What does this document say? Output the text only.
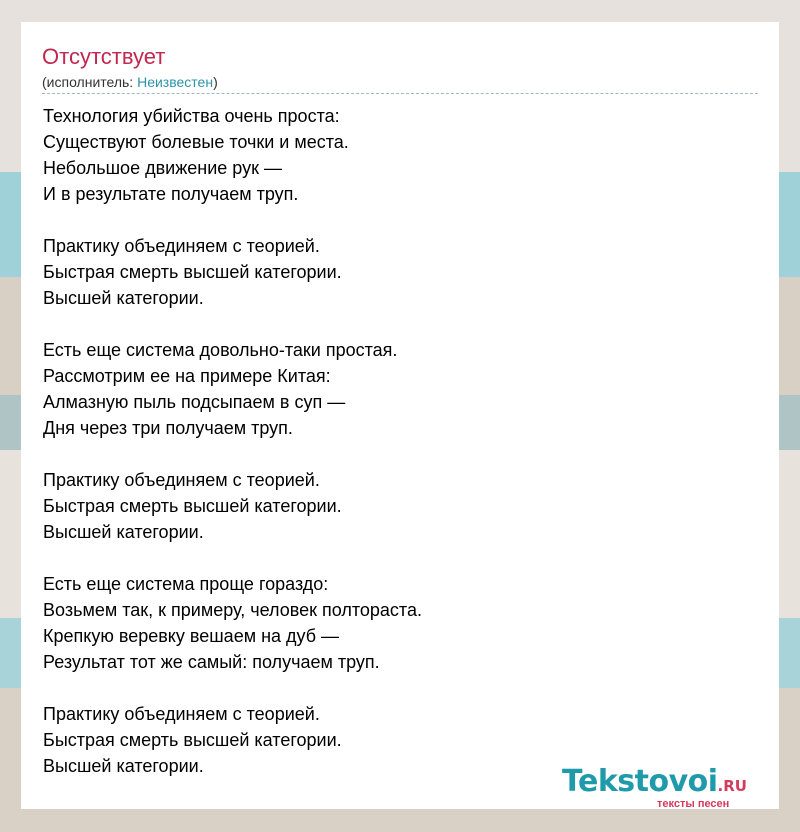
Отсутствует
(исполнитель: Неизвестен)
Технология убийства очень проста:
Существуют болевые точки и места.
Небольшое движение рук —
И в результате получаем труп.
Практику объединяем с теорией.
Быстрая смерть высшей категории.
Высшей категории.
Есть еще система довольно-таки простая.
Рассмотрим ее на примере Китая:
Алмазную пыль подсыпаем в суп —
Дня через три получаем труп.
Практику объединяем с теорией.
Быстрая смерть высшей категории.
Высшей категории.
Есть еще система проще гораздо:
Возьмем так, к примеру, человек полтораста.
Крепкую веревку вешаем на дуб —
Результат тот же самый: получаем труп.
Практику объединяем с теорией.
Быстрая смерть высшей категории.
Высшей категории.	Tekstovoi.RU
тексты песен
